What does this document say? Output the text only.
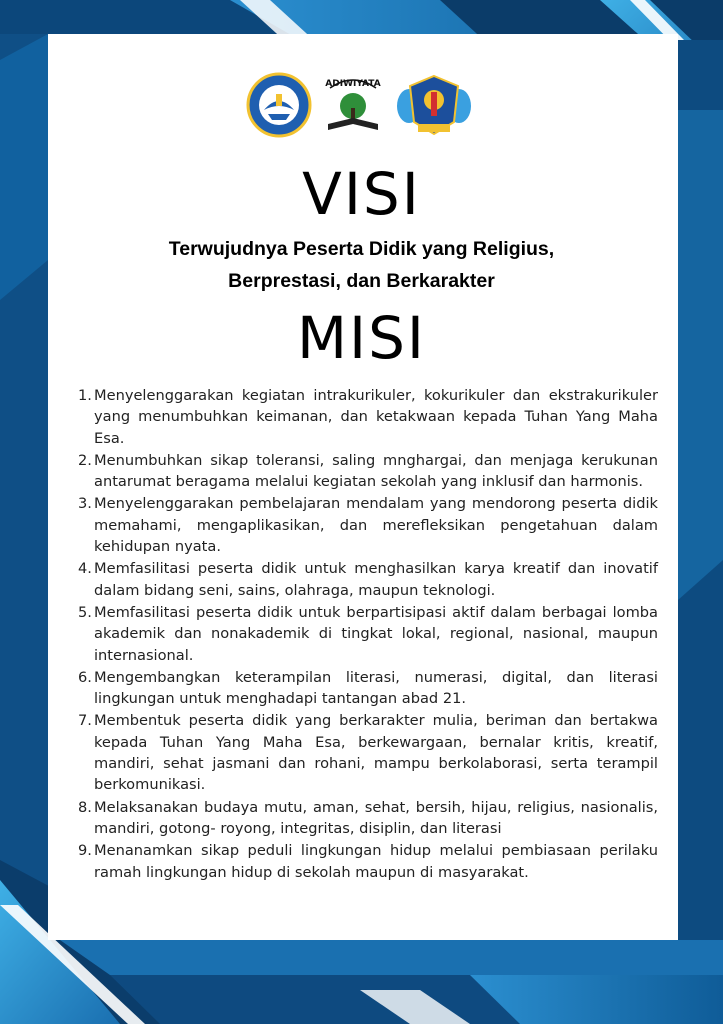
ADIWIYATA
VISI
Terwujudnya Peserta Didik yang Religius,
Berprestasi, dan Berkarakter
MISI
1. Menyelenggarakan kegiatan intrakurikuler, kokurikuler dan ekstrakurikuler yang menumbuhkan keimanan, dan ketakwaan kepada Tuhan Yang Maha Esa.
2. Menumbuhkan sikap toleransi, saling mnghargai, dan menjaga kerukunan antarumat beragama melalui kegiatan sekolah yang inklusif dan harmonis.
3. Menyelenggarakan pembelajaran mendalam yang mendorong peserta didik memahami, mengaplikasikan, dan merefleksikan pengetahuan dalam kehidupan nyata.
4. Memfasilitasi peserta didik untuk menghasilkan karya kreatif dan inovatif dalam bidang seni, sains, olahraga, maupun teknologi.
5. Memfasilitasi peserta didik untuk berpartisipasi aktif dalam berbagai lomba akademik dan nonakademik di tingkat lokal, regional, nasional, maupun internasional.
6. Mengembangkan keterampilan literasi, numerasi, digital, dan literasi lingkungan untuk menghadapi tantangan abad 21.
7. Membentuk peserta didik yang berkarakter mulia, beriman dan bertakwa kepada Tuhan Yang Maha Esa, berkewargaan, bernalar kritis, kreatif, mandiri, sehat jasmani dan rohani, mampu berkolaborasi, serta terampil berkomunikasi.
8. Melaksanakan budaya mutu, aman, sehat, bersih, hijau, religius, nasionalis, mandiri, gotong- royong, integritas, disiplin, dan literasi
9. Menanamkan sikap peduli lingkungan hidup melalui pembiasaan perilaku ramah lingkungan hidup di sekolah maupun di masyarakat.
